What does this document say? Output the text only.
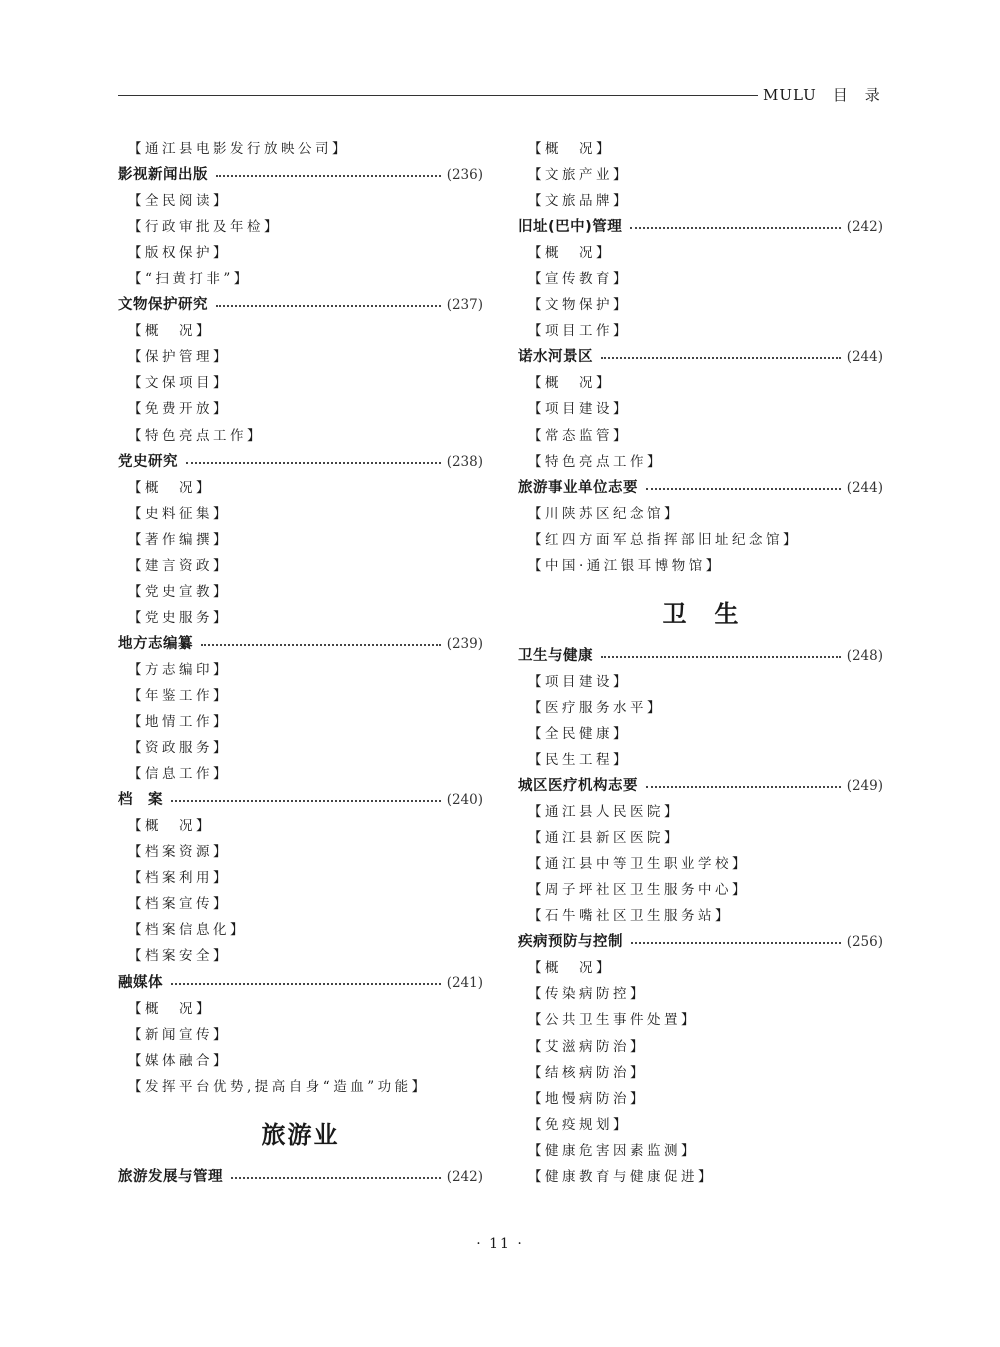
MULU　目　录
【通江县电影发行放映公司】
影视新闻出版	(236)
【全民阅读】
【行政审批及年检】
【版权保护】
【“扫黄打非”】
文物保护研究	(237)
【概　况】
【保护管理】
【文保项目】
【免费开放】
【特色亮点工作】
党史研究	(238)
【概　况】
【史料征集】
【著作编撰】
【建言资政】
【党史宣教】
【党史服务】
地方志编纂	(239)
【方志编印】
【年鉴工作】
【地情工作】
【资政服务】
【信息工作】
档　案	(240)
【概　况】
【档案资源】
【档案利用】
【档案宣传】
【档案信息化】
【档案安全】
融媒体	(241)
【概　况】
【新闻宣传】
【媒体融合】
【发挥平台优势,提高自身“造血”功能】
旅游业
旅游发展与管理	(242)
【概　况】
【文旅产业】
【文旅品牌】
旧址(巴中)管理	(242)
【概　况】
【宣传教育】
【文物保护】
【项目工作】
诺水河景区	(244)
【概　况】
【项目建设】
【常态监管】
【特色亮点工作】
旅游事业单位志要	(244)
【川陕苏区纪念馆】
【红四方面军总指挥部旧址纪念馆】
【中国·通江银耳博物馆】
卫生
卫生与健康	(248)
【项目建设】
【医疗服务水平】
【全民健康】
【民生工程】
城区医疗机构志要	(249)
【通江县人民医院】
【通江县新区医院】
【通江县中等卫生职业学校】
【周子坪社区卫生服务中心】
【石牛嘴社区卫生服务站】
疾病预防与控制	(256)
【概　况】
【传染病防控】
【公共卫生事件处置】
【艾滋病防治】
【结核病防治】
【地慢病防治】
【免疫规划】
【健康危害因素监测】
【健康教育与健康促进】
· 11 ·
